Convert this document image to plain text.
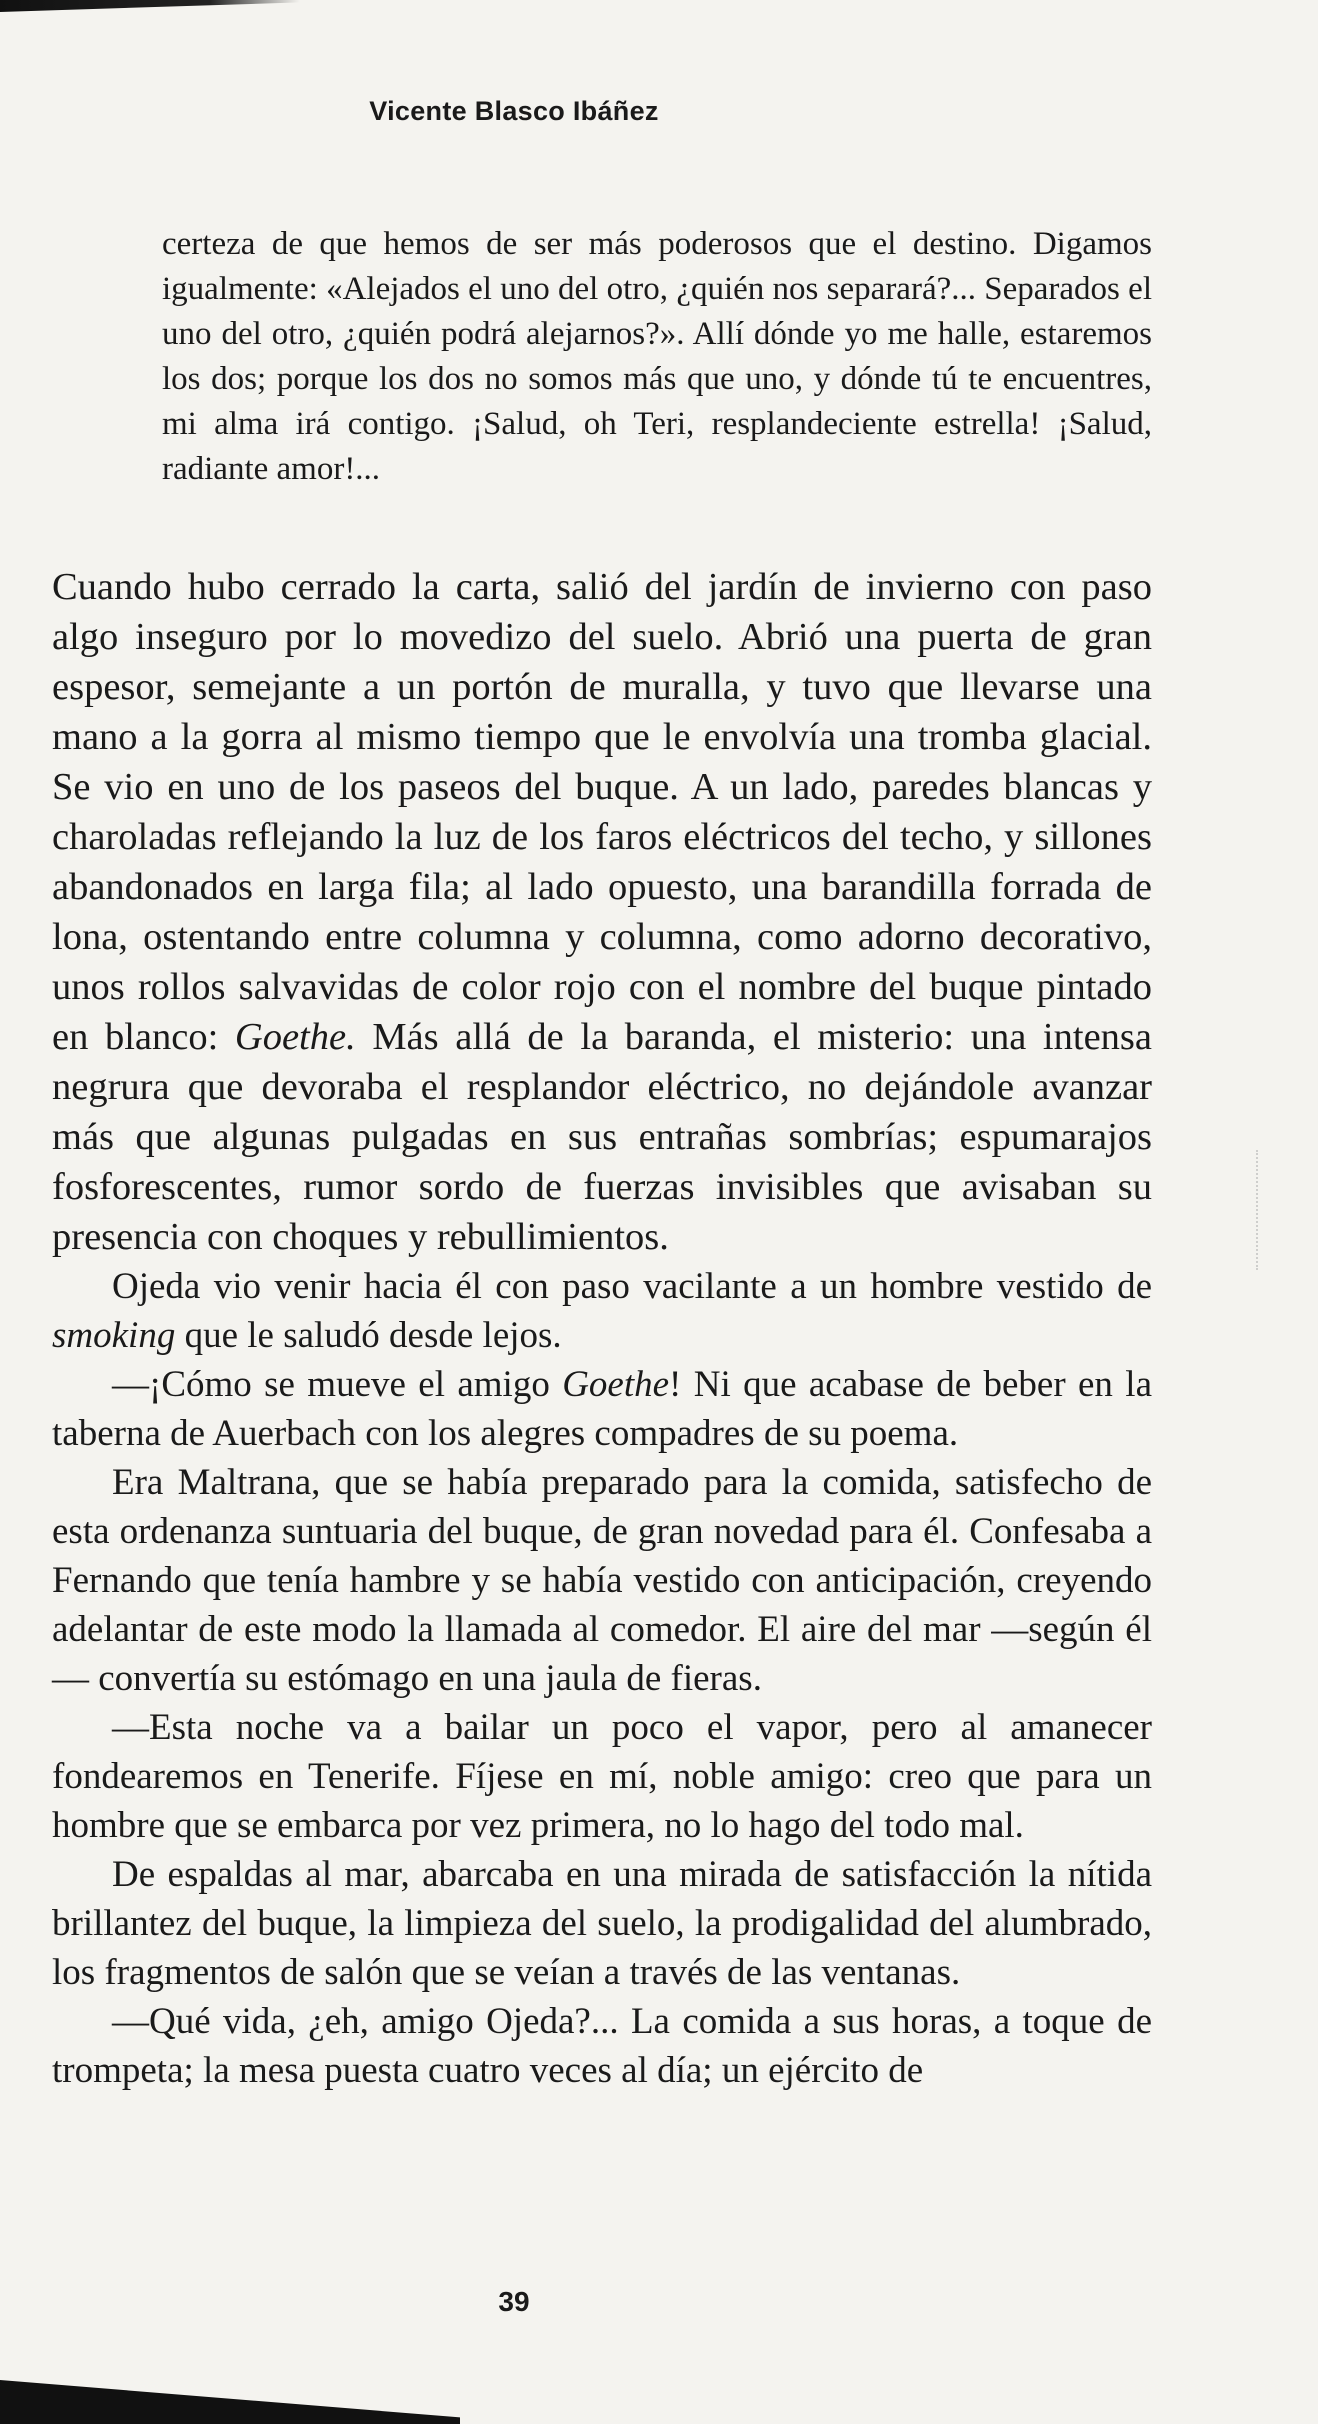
Vicente Blasco Ibáñez
certeza de que hemos de ser más poderosos que el destino. Digamos igualmente: «Alejados el uno del otro, ¿quién nos separará?... Separados el uno del otro, ¿quién podrá alejarnos?». Allí dónde yo me halle, estaremos los dos; porque los dos no somos más que uno, y dónde tú te encuentres, mi alma irá contigo. ¡Salud, oh Teri, resplandeciente estrella! ¡Salud, radiante amor!...

Cuando hubo cerrado la carta, salió del jardín de invierno con paso algo inseguro por lo movedizo del suelo. Abrió una puerta de gran espesor, semejante a un portón de muralla, y tuvo que llevarse una mano a la gorra al mismo tiempo que le envolvía una tromba glacial. Se vio en uno de los paseos del buque. A un lado, paredes blancas y charoladas reflejando la luz de los faros eléctricos del techo, y sillones abandonados en larga fila; al lado opuesto, una barandilla forrada de lona, ostentando entre columna y columna, como adorno decorativo, unos rollos salvavidas de color rojo con el nombre del buque pintado en blanco: Goethe. Más allá de la baranda, el misterio: una intensa negrura que devoraba el resplandor eléctrico, no dejándole avanzar más que algunas pulgadas en sus entrañas sombrías; espumarajos fosforescentes, rumor sordo de fuerzas invisibles que avisaban su presencia con choques y rebullimientos.

Ojeda vio venir hacia él con paso vacilante a un hombre vestido de smoking que le saludó desde lejos.

—¡Cómo se mueve el amigo Goethe! Ni que acabase de beber en la taberna de Auerbach con los alegres compadres de su poema.

Era Maltrana, que se había preparado para la comida, satisfecho de esta ordenanza suntuaria del buque, de gran novedad para él. Confesaba a Fernando que tenía hambre y se había vestido con anticipación, creyendo adelantar de este modo la llamada al comedor. El aire del mar —según él— convertía su estómago en una jaula de fieras.

—Esta noche va a bailar un poco el vapor, pero al amanecer fondearemos en Tenerife. Fíjese en mí, noble amigo: creo que para un hombre que se embarca por vez primera, no lo hago del todo mal.

De espaldas al mar, abarcaba en una mirada de satisfacción la nítida brillantez del buque, la limpieza del suelo, la prodigalidad del alumbrado, los fragmentos de salón que se veían a través de las ventanas.

—Qué vida, ¿eh, amigo Ojeda?... La comida a sus horas, a toque de trompeta; la mesa puesta cuatro veces al día; un ejército de

39
